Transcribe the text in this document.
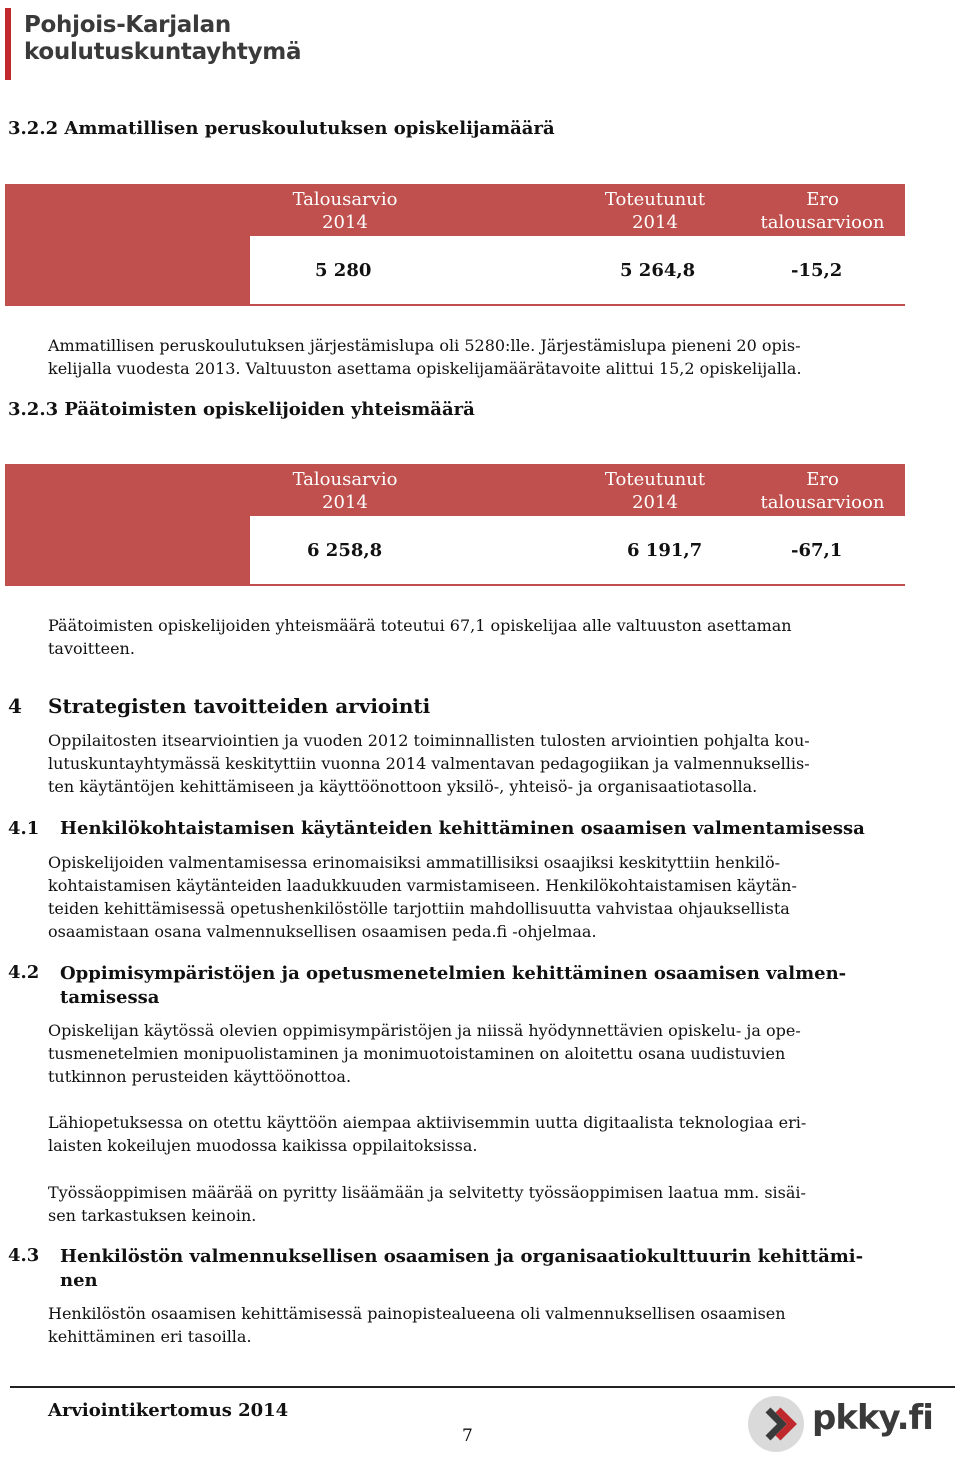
Pohjois-Karjalan
koulutuskuntayhtymä
3.2.2 Ammatillisen peruskoulutuksen opiskelijamäärä
Talousarvio
2014
Toteutunut
2014
Ero
talousarvioon
5 280	5 264,8	-15,2
Ammatillisen peruskoulutuksen järjestämislupa oli 5280:lle. Järjestämislupa pieneni 20 opis-
kelijalla vuodesta 2013. Valtuuston asettama opiskelijamäärätavoite alittui 15,2 opiskelijalla.
3.2.3 Päätoimisten opiskelijoiden yhteismäärä
Talousarvio
2014
Toteutunut
2014
Ero
talousarvioon
6 258,8	6 191,7	-67,1
Päätoimisten opiskelijoiden yhteismäärä toteutui 67,1 opiskelijaa alle valtuuston asettaman
tavoitteen.
4 Strategisten tavoitteiden arviointi
Oppilaitosten itsearviointien ja vuoden 2012 toiminnallisten tulosten arviointien pohjalta kou-
lutuskuntayhtymässä keskityttiin vuonna 2014 valmentavan pedagogiikan ja valmennuksellis-
ten käytäntöjen kehittämiseen ja käyttöönottoon yksilö-, yhteisö- ja organisaatiotasolla.
4.1 Henkilökohtaistamisen käytänteiden kehittäminen osaamisen valmentamisessa
Opiskelijoiden valmentamisessa erinomaisiksi ammatillisiksi osaajiksi keskityttiin henkilö-
kohtaistamisen käytänteiden laadukkuuden varmistamiseen. Henkilökohtaistamisen käytän-
teiden kehittämisessä opetushenkilöstölle tarjottiin mahdollisuutta vahvistaa ohjauksellista
osaamistaan osana valmennuksellisen osaamisen peda.fi -ohjelmaa.
4.2 Oppimisympäristöjen ja opetusmenetelmien kehittäminen osaamisen valmen-
tamisessa
Opiskelijan käytössä olevien oppimisympäristöjen ja niissä hyödynnettävien opiskelu- ja ope-
tusmenetelmien monipuolistaminen ja monimuotoistaminen on aloitettu osana uudistuvien
tutkinnon perusteiden käyttöönottoa.
Lähiopetuksessa on otettu käyttöön aiempaa aktiivisemmin uutta digitaalista teknologiaa eri-
laisten kokeilujen muodossa kaikissa oppilaitoksissa.
Työssäoppimisen määrää on pyritty lisäämään ja selvitetty työssäoppimisen laatua mm. sisäi-
sen tarkastuksen keinoin.
4.3 Henkilöstön valmennuksellisen osaamisen ja organisaatiokulttuurin kehittämi-
nen
Henkilöstön osaamisen kehittämisessä painopistealueena oli valmennuksellisen osaamisen
kehittäminen eri tasoilla.
Arviointikertomus 2014
7	pkky.fi
